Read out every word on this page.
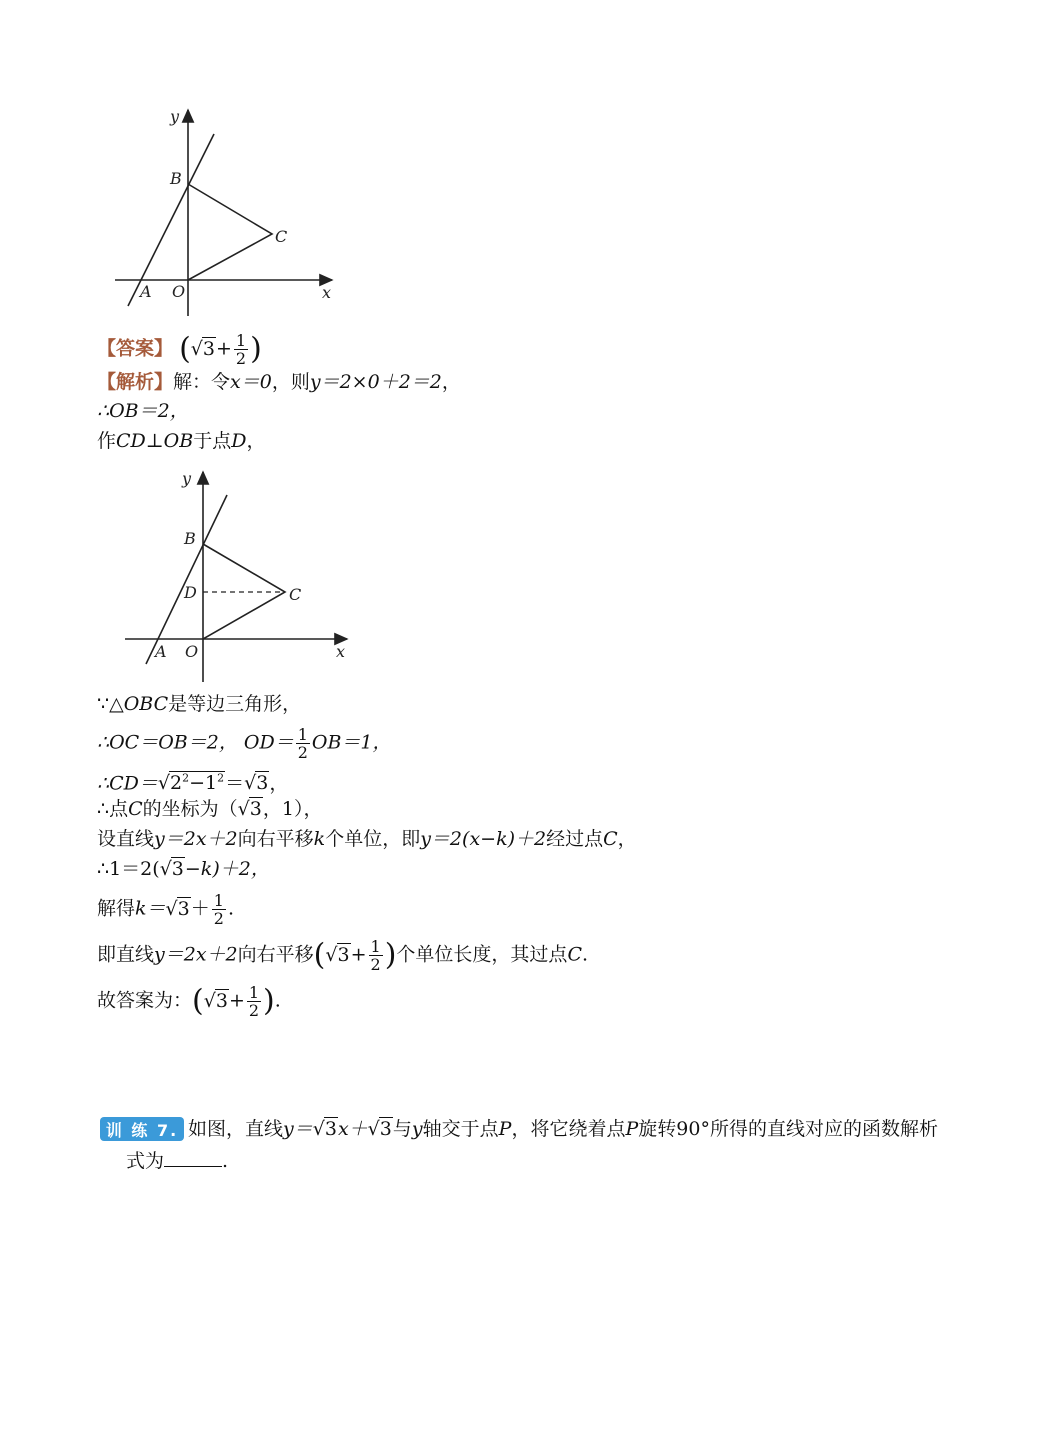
y
x
B
C
A O
【答案】 ($√3+ \frac{1}{2}$ )
【解析】解：令x＝0，则y＝2×0＋2＝2，
∴OB＝2，
作CD⊥OB于点D，
y
x
B
D	C
A O
∵△OBC是等边三角形，
∴OC＝OB＝2， $OD= \frac{1}{2} OB=1$，
$\therefore CD=√2^2-1^2=√3$，
∴点C的坐标为（√3，1），
设直线y＝2x＋2向右平移k个单位，即y＝2(x−k)＋2经过点C，
∴1＝2(√3−k)＋2，
解得$k=√3+ \frac{1}{2}$ .
即直线y＝2x＋2向右平移($√3+ \frac{1}{2}$ )个单位长度，其过点C.
故答案为：($√3+ \frac{1}{2}$ ).
训 练 7. 如图，直线y＝√3x＋√3与y轴交于点P，将它绕着点P旋转90°所得的直线对应的函数解析
式为	.
